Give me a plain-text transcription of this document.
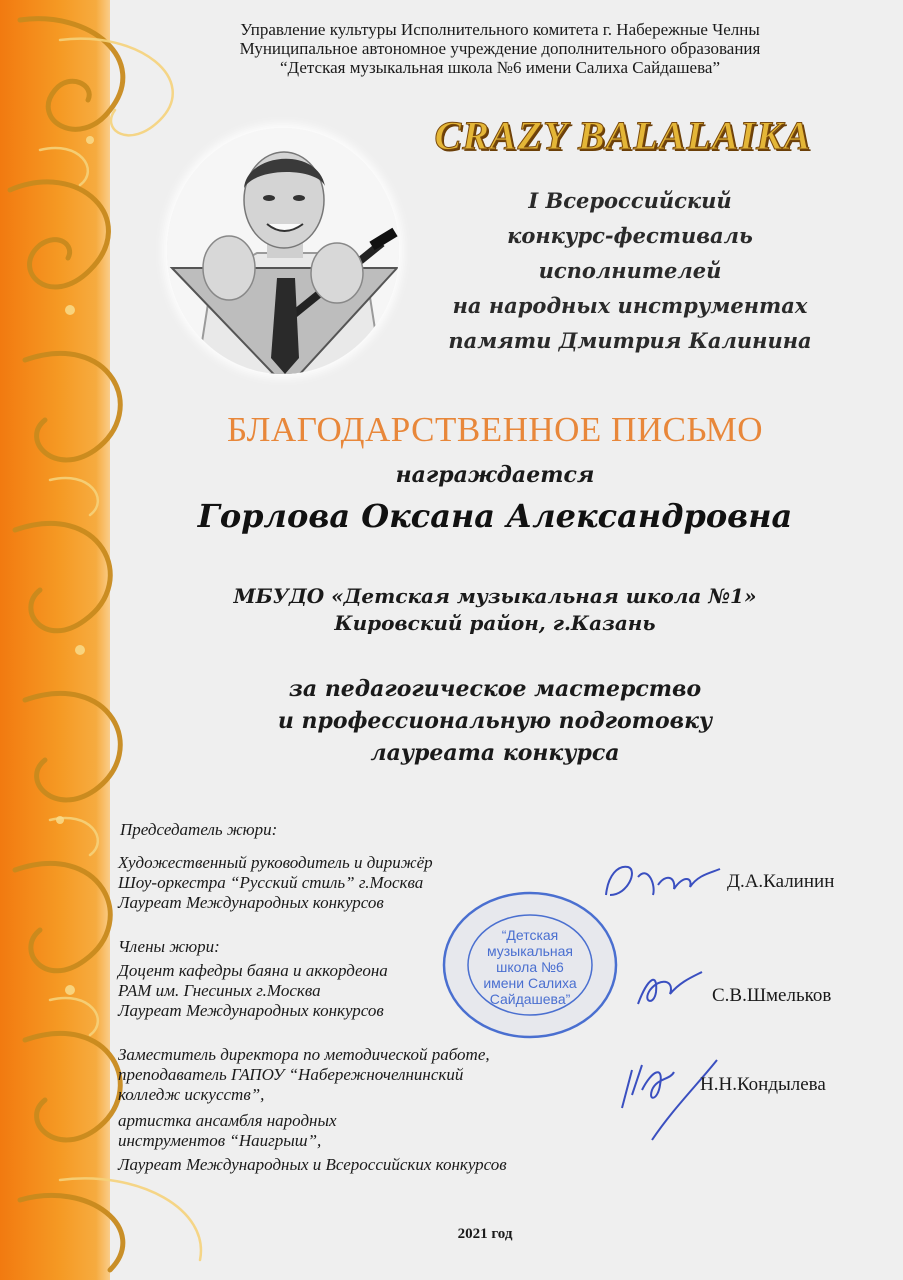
Управление культуры Исполнительного комитета г. Набережные Челны
Муниципальное автономное учреждение дополнительного образования
“Детская музыкальная школа №6 имени Салиха Сайдашева”
CRAZY BALALAIKA
I Всероссийский
конкурс-фестиваль
исполнителей
на народных инструментах
памяти Дмитрия Калинина
БЛАГОДАРСТВЕННОЕ ПИСЬМО
награждается
Горлова Оксана Александровна
МБУДО «Детская музыкальная школа №1»
Кировский район, г.Казань
за педагогическое мастерство
и профессиональную подготовку
лауреата конкурса
“Детская
музыкальная
школа №6
имени Салиха
Сайдашева”
Председатель жюри:
Художественный руководитель и дирижёр
Шоу-оркестра “Русский стиль” г.Москва
Лауреат Международных конкурсов
Д.А.Калинин
Члены жюри:
Доцент кафедры баяна и аккордеона
РАМ им. Гнесиных г.Москва
Лауреат Международных конкурсов
С.В.Шмельков
Заместитель директора по методической работе,
преподаватель ГАПОУ “Набережночелнинский
колледж искусств”,
артистка ансамбля народных
инструментов “Наигрыш”,
Лауреат Международных и Всероссийских конкурсов
Н.Н.Кондылева
2021 год
